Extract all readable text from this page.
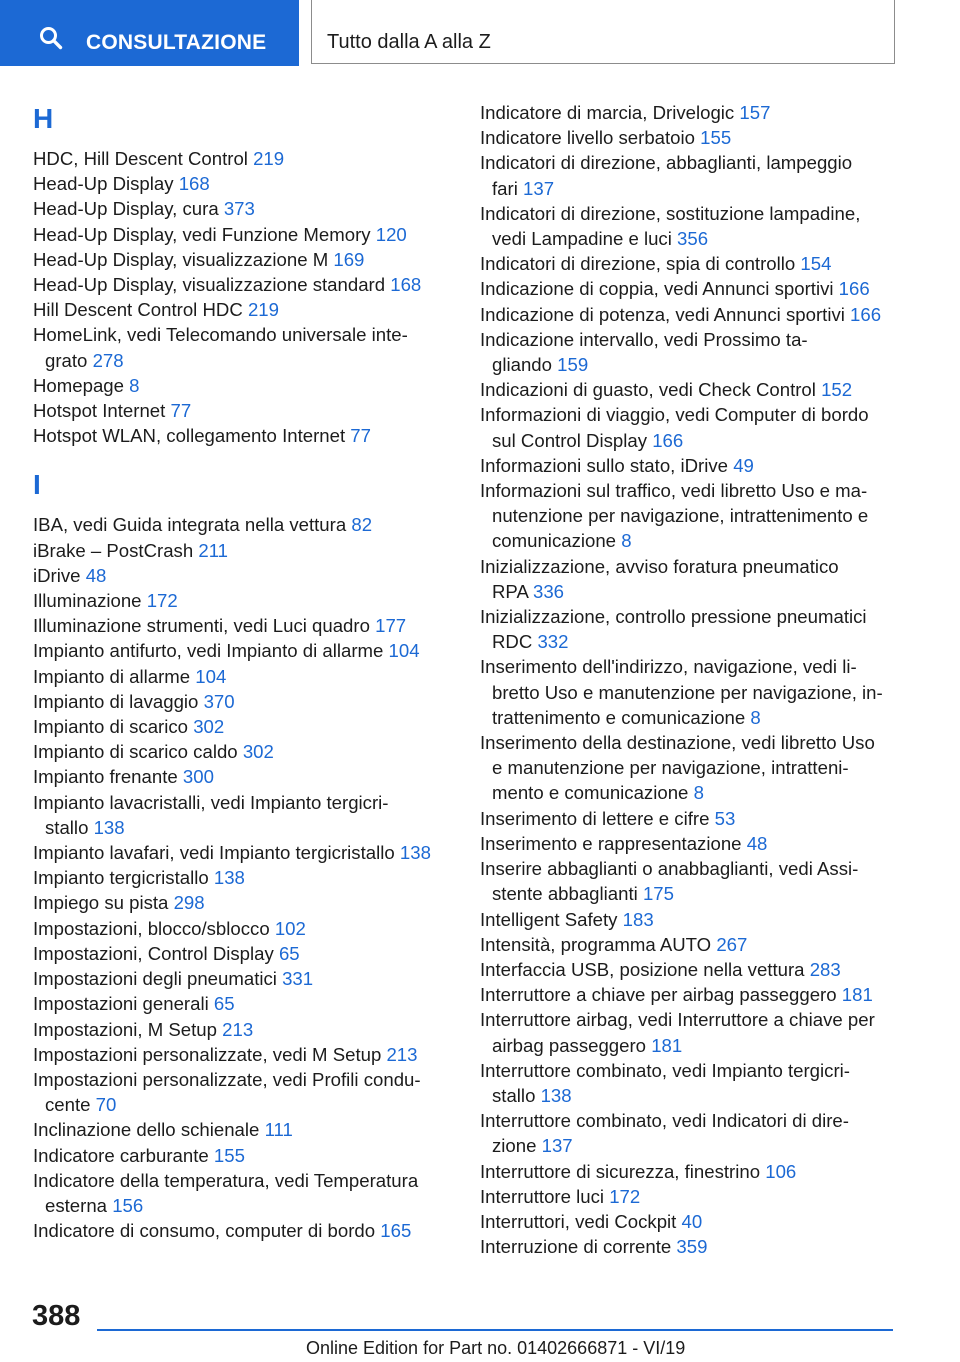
CONSULTAZIONE	Tutto dalla A alla Z
H
HDC, Hill Descent Control 219
Head-Up Display 168
Head-Up Display, cura 373
Head-Up Display, vedi Funzione Memory 120
Head-Up Display, visualizzazione M 169
Head-Up Display, visualizzazione standard 168
Hill Descent Control HDC 219
HomeLink, vedi Telecomando universale inte-
grato 278
Homepage 8
Hotspot Internet 77
Hotspot WLAN, collegamento Internet 77
I
IBA, vedi Guida integrata nella vettura 82
iBrake – PostCrash 211
iDrive 48
Illuminazione 172
Illuminazione strumenti, vedi Luci quadro 177
Impianto antifurto, vedi Impianto di allarme 104
Impianto di allarme 104
Impianto di lavaggio 370
Impianto di scarico 302
Impianto di scarico caldo 302
Impianto frenante 300
Impianto lavacristalli, vedi Impianto tergicri-
stallo 138
Impianto lavafari, vedi Impianto tergicristallo 138
Impianto tergicristallo 138
Impiego su pista 298
Impostazioni, blocco/sblocco 102
Impostazioni, Control Display 65
Impostazioni degli pneumatici 331
Impostazioni generali 65
Impostazioni, M Setup 213
Impostazioni personalizzate, vedi M Setup 213
Impostazioni personalizzate, vedi Profili condu-
cente 70
Inclinazione dello schienale 111
Indicatore carburante 155
Indicatore della temperatura, vedi Temperatura
esterna 156
Indicatore di consumo, computer di bordo 165
Indicatore di marcia, Drivelogic 157
Indicatore livello serbatoio 155
Indicatori di direzione, abbaglianti, lampeggio
fari 137
Indicatori di direzione, sostituzione lampadine,
vedi Lampadine e luci 356
Indicatori di direzione, spia di controllo 154
Indicazione di coppia, vedi Annunci sportivi 166
Indicazione di potenza, vedi Annunci sportivi 166
Indicazione intervallo, vedi Prossimo ta-
gliando 159
Indicazioni di guasto, vedi Check Control 152
Informazioni di viaggio, vedi Computer di bordo
sul Control Display 166
Informazioni sullo stato, iDrive 49
Informazioni sul traffico, vedi libretto Uso e ma-
nutenzione per navigazione, intrattenimento e
comunicazione 8
Inizializzazione, avviso foratura pneumatico
RPA 336
Inizializzazione, controllo pressione pneumatici
RDC 332
Inserimento dell'indirizzo, navigazione, vedi li-
bretto Uso e manutenzione per navigazione, in-
trattenimento e comunicazione 8
Inserimento della destinazione, vedi libretto Uso
e manutenzione per navigazione, intratteni-
mento e comunicazione 8
Inserimento di lettere e cifre 53
Inserimento e rappresentazione 48
Inserire abbaglianti o anabbaglianti, vedi Assi-
stente abbaglianti 175
Intelligent Safety 183
Intensità, programma AUTO 267
Interfaccia USB, posizione nella vettura 283
Interruttore a chiave per airbag passeggero 181
Interruttore airbag, vedi Interruttore a chiave per
airbag passeggero 181
Interruttore combinato, vedi Impianto tergicri-
stallo 138
Interruttore combinato, vedi Indicatori di dire-
zione 137
Interruttore di sicurezza, finestrino 106
Interruttore luci 172
Interruttori, vedi Cockpit 40
Interruzione di corrente 359
388
Online Edition for Part no. 01402666871 - VI/19
